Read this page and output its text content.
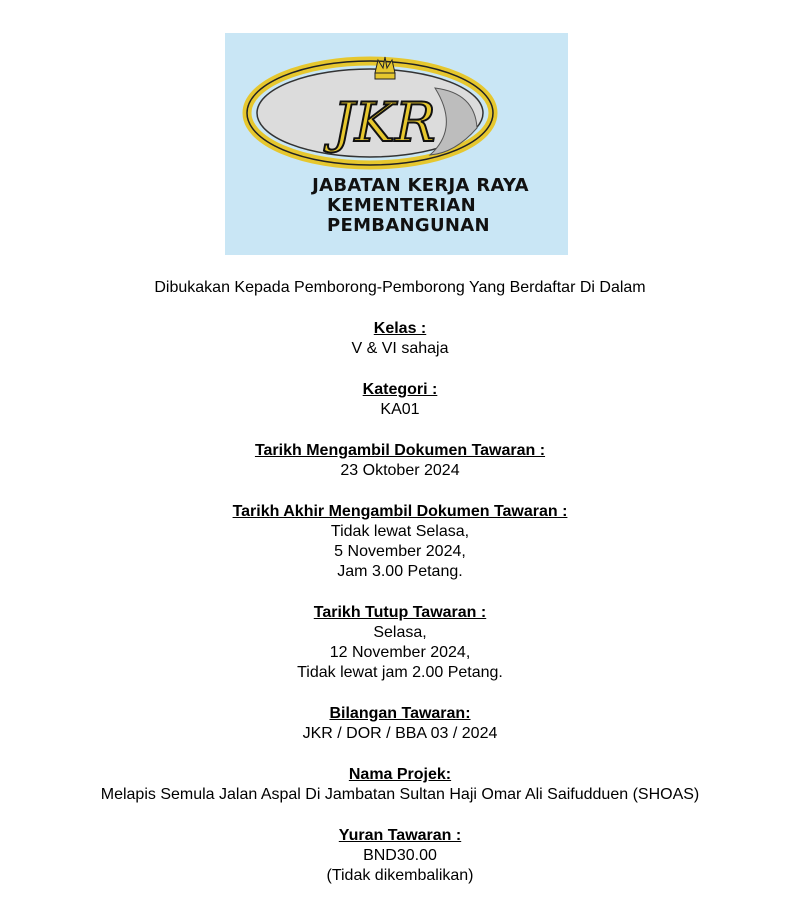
JKR
JABATAN KERJA RAYA
KEMENTERIAN
PEMBANGUNAN
Dibukakan Kepada Pemborong-Pemborong Yang Berdaftar Di Dalam
Kelas :
V & VI sahaja
Kategori :
KA01
Tarikh Mengambil Dokumen Tawaran :
23 Oktober 2024
Tarikh Akhir Mengambil Dokumen Tawaran :
Tidak lewat Selasa,
5 November 2024,
Jam 3.00 Petang.
Tarikh Tutup Tawaran :
Selasa,
12 November 2024,
Tidak lewat jam 2.00 Petang.
Bilangan Tawaran:
JKR / DOR / BBA 03 / 2024
Nama Projek:
Melapis Semula Jalan Aspal Di Jambatan Sultan Haji Omar Ali Saifudduen (SHOAS)
Yuran Tawaran :
BND30.00
(Tidak dikembalikan)
